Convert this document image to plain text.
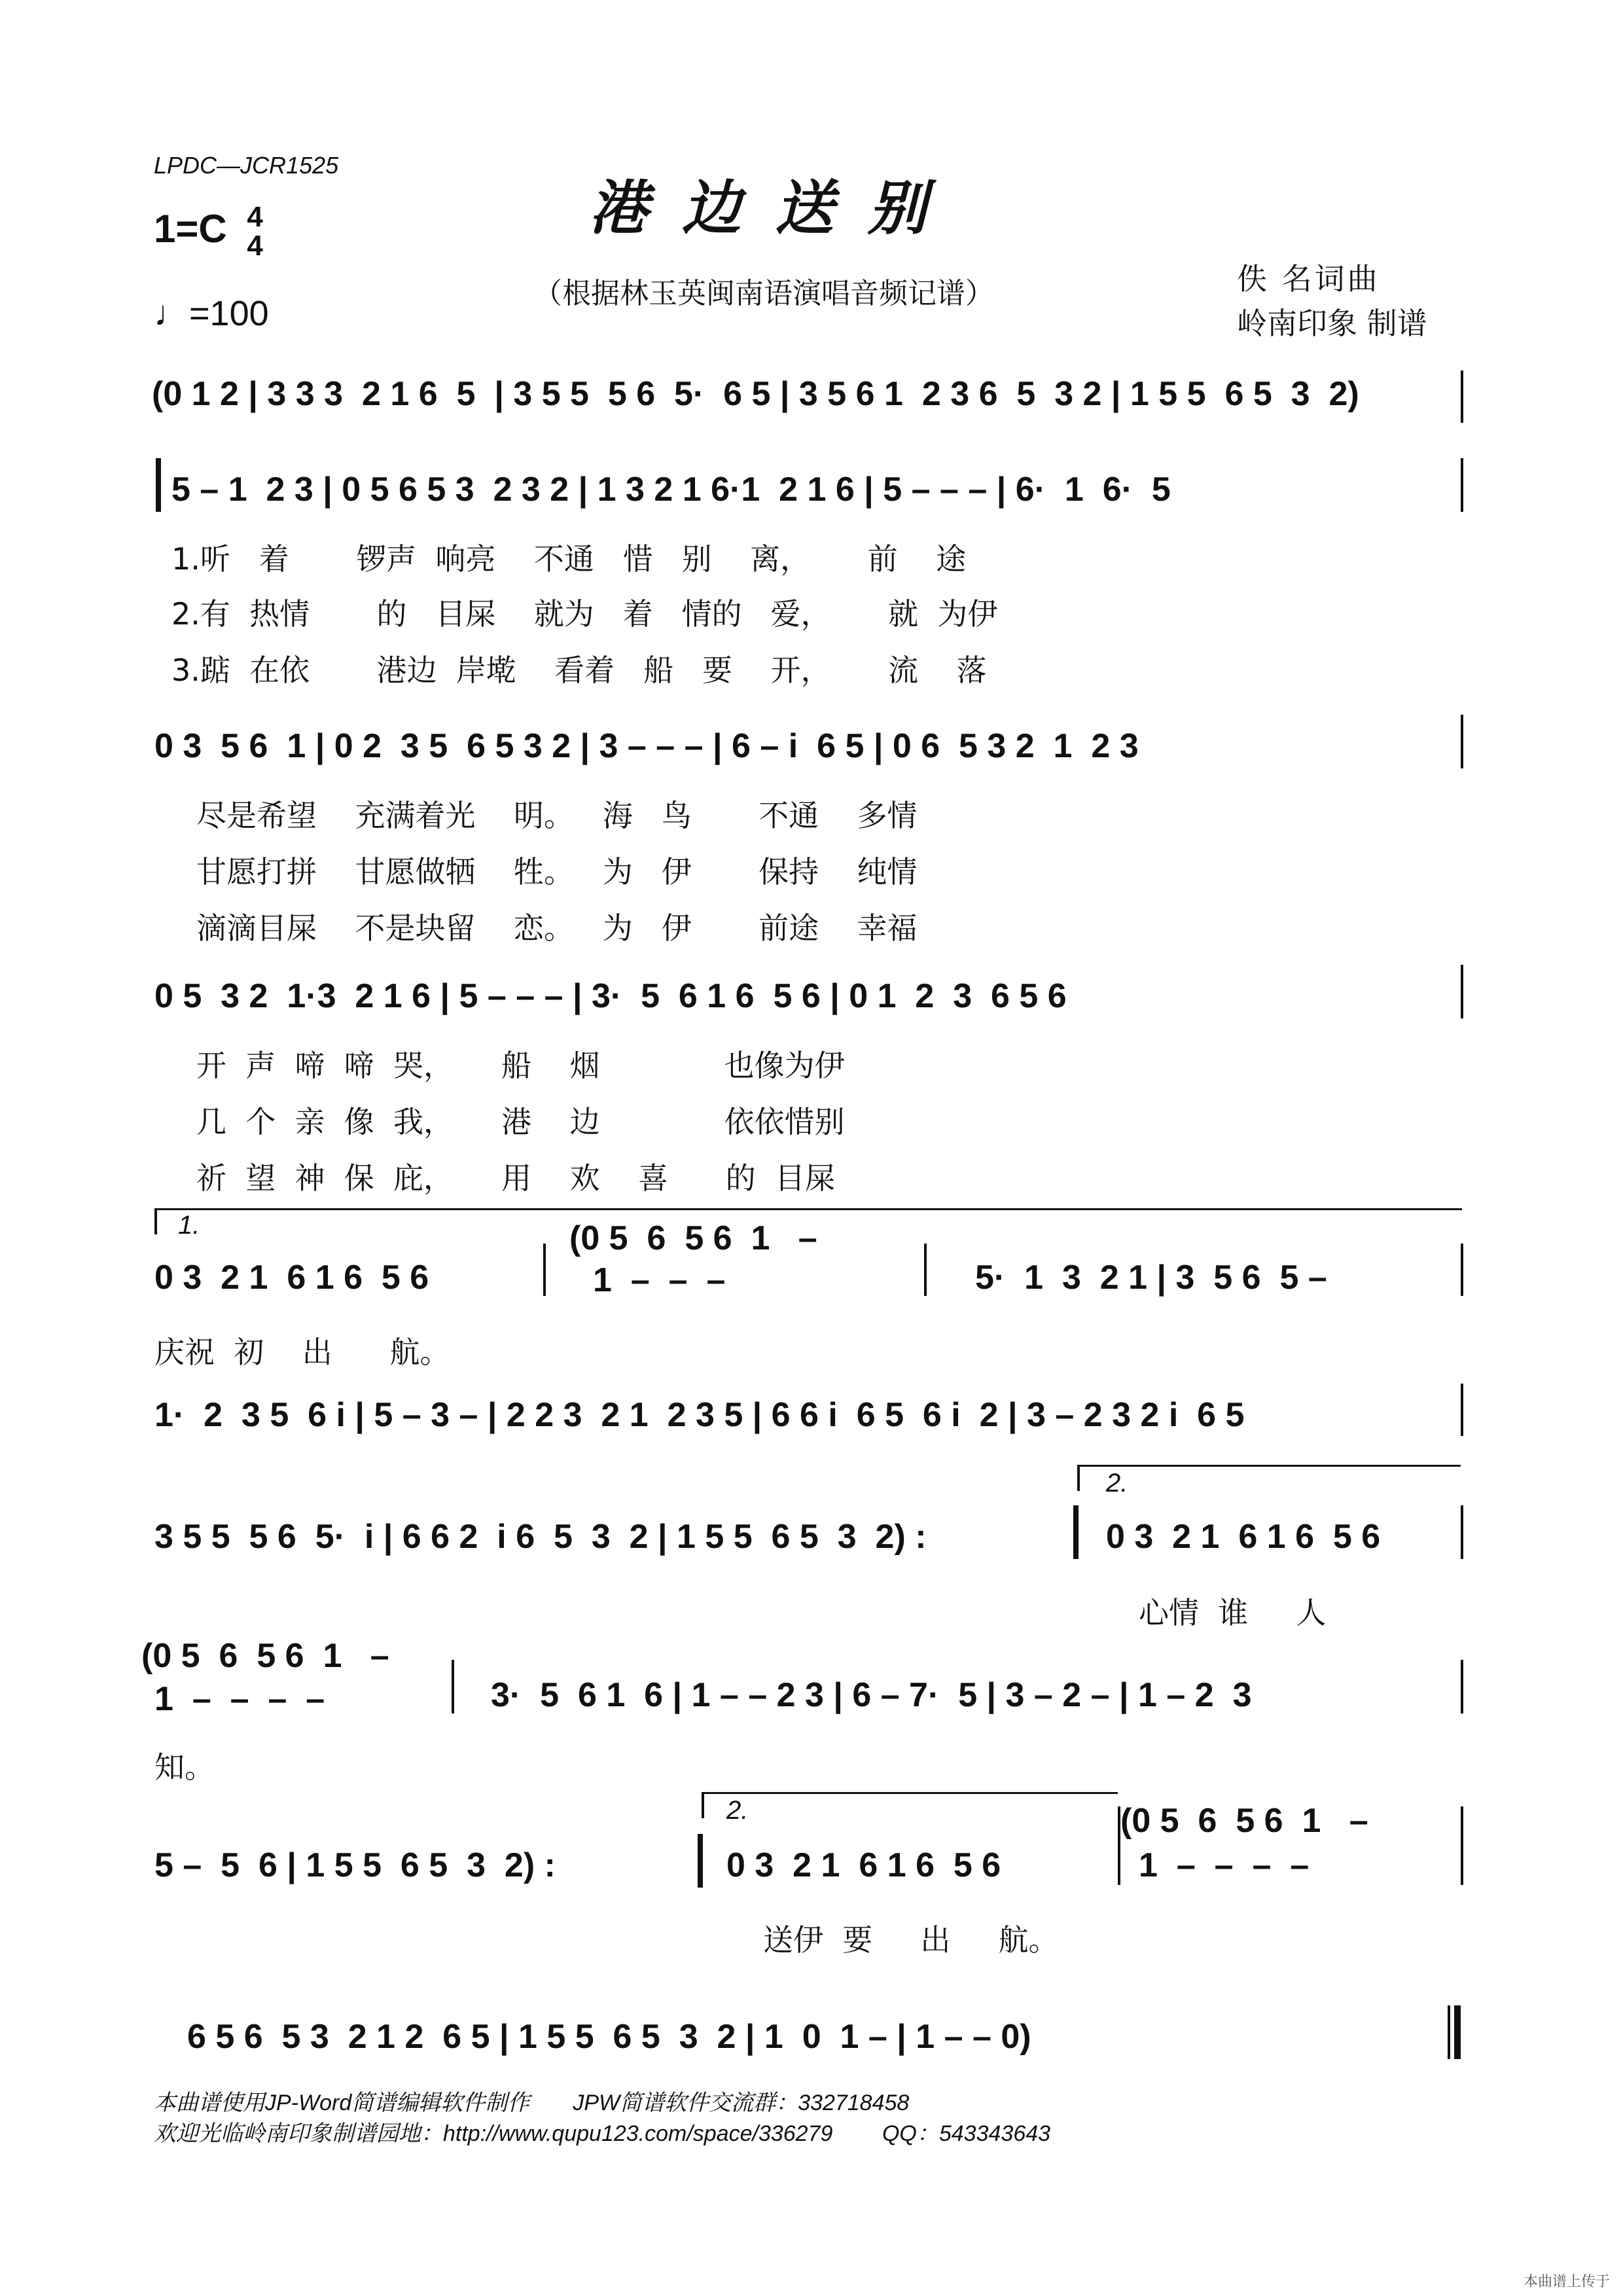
LPDC—JCR1525
港边送别
1=C 4
4
♩=100
（根据林玉英闽南语演唱音频记谱）	佚 名词曲
岭南印象 制谱
(0 1 2 | 3 3 3  2 1 6  5  | 3 5 5  5 6  5·  6 5 | 3 5 6 1  2 3 6  5  3 2 | 1 5 5  6 5  3  2)
5 – 1  2 3 | 0 5 6 5 3  2 3 2 | 1 3 2 1 6·1  2 1 6 | 5 – – – | 6·  1  6·  5
1.听   着       锣声  响亮    不通   惜   别    离，      前    途
2.有  热情       的   目屎    就为   着   情的   爱，      就  为伊
3.踮  在依       港边  岸墘    看着   船   要    开，      流    落
0 3  5 6  1 | 0 2  3 5  6 5 3 2 | 3 – – – | 6 – i  6 5 | 0 6  5 3 2  1  2 3
尽是希望    充满着光    明。   海   鸟       不通    多情
甘愿打拼    甘愿做牺    牲。   为   伊       保持    纯情
滴滴目屎    不是块留    恋。   为   伊       前途    幸福
0 5  3 2  1·3  2 1 6 | 5 – – – | 3·  5  6 1 6  5 6 | 0 1  2  3  6 5 6
开  声  啼  啼  哭，     船    烟             也像为伊
几  个  亲  像  我，     港    边             依依惜别
祈  望  神  保  庇，     用    欢    喜      的  目屎
1.
0 3  2 1  6 1 6  5 6
(0 5  6  5 6  1   –
1  –  –  –	5·  1  3  2 1 | 3  5 6  5 –
庆祝  初    出      航。
1·  2  3 5  6 i | 5 – 3 – | 2 2 3  2 1  2 3 5 | 6 6 i  6 5  6 i  2 | 3 – 2 3 2 i  6 5
2.
3 5 5  5 6  5·  i | 6 6 2  i 6  5  3  2 | 1 5 5  6 5  3  2) :	0 3  2 1  6 1 6  5 6
心情  谁     人
(0 5  6  5 6  1   –
1  –  –  –  –	3·  5  6 1  6 | 1 – – 2 3 | 6 – 7·  5 | 3 – 2 – | 1 – 2  3
知。
2.
5 –  5  6 | 1 5 5  6 5  3  2) :	0 3  2 1  6 1 6  5 6
(0 5  6  5 6  1   –
1  –  –  –  –
送伊  要     出     航。
6 5 6  5 3  2 1 2  6 5 | 1 5 5  6 5  3  2 | 1  0  1 – | 1 – – 0)
本曲谱使用JP-Word简谱编辑软件制作       JPW简谱软件交流群：332718458
欢迎光临岭南印象制谱园地：http://www.qupu123.com/space/336279        QQ：543343643
本曲谱上传于
